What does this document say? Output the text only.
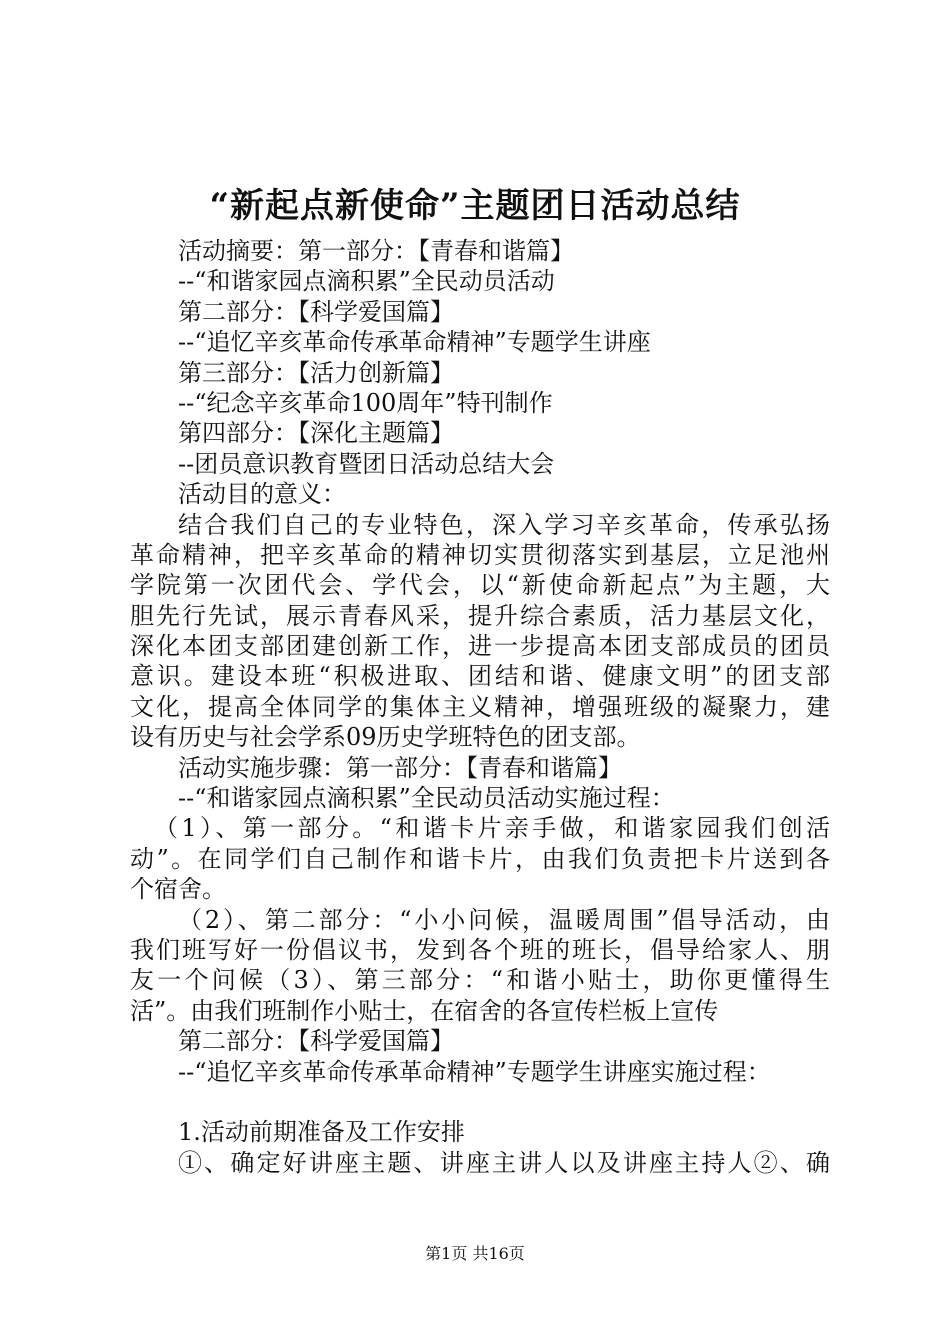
“新起点新使命”主题团日活动总结
活动摘要：第一部分：【青春和谐篇】
--“和谐家园点滴积累”全民动员活动
第二部分：【科学爱国篇】
--“追忆辛亥革命传承革命精神”专题学生讲座
第三部分：【活力创新篇】
--“纪念辛亥革命100周年”特刊制作
第四部分：【深化主题篇】
--团员意识教育暨团日活动总结大会
活动目的意义：
结合我们自己的专业特色，深入学习辛亥革命，传承弘扬
革命精神，把辛亥革命的精神切实贯彻落实到基层，立足池州
学院第一次团代会、学代会，以“新使命新起点”为主题，大
胆先行先试，展示青春风采，提升综合素质，活力基层文化，
深化本团支部团建创新工作，进一步提高本团支部成员的团员
意识。建设本班“积极进取、团结和谐、健康文明”的团支部
文化，提高全体同学的集体主义精神，增强班级的凝聚力，建
设有历史与社会学系09历史学班特色的团支部。
活动实施步骤：第一部分：【青春和谐篇】
--“和谐家园点滴积累”全民动员活动实施过程：
（1）、第一部分。“和谐卡片亲手做，和谐家园我们创活
动”。在同学们自己制作和谐卡片，由我们负责把卡片送到各
个宿舍。
（2）、第二部分：“小小问候，温暖周围”倡导活动，由
我们班写好一份倡议书，发到各个班的班长，倡导给家人、朋
友一个问候（3）、第三部分：“和谐小贴士，助你更懂得生
活”。由我们班制作小贴士，在宿舍的各宣传栏板上宣传
第二部分：【科学爱国篇】
--“追忆辛亥革命传承革命精神”专题学生讲座实施过程：
1.活动前期准备及工作安排
①、确定好讲座主题、讲座主讲人以及讲座主持人②、确
第1页 共16页
